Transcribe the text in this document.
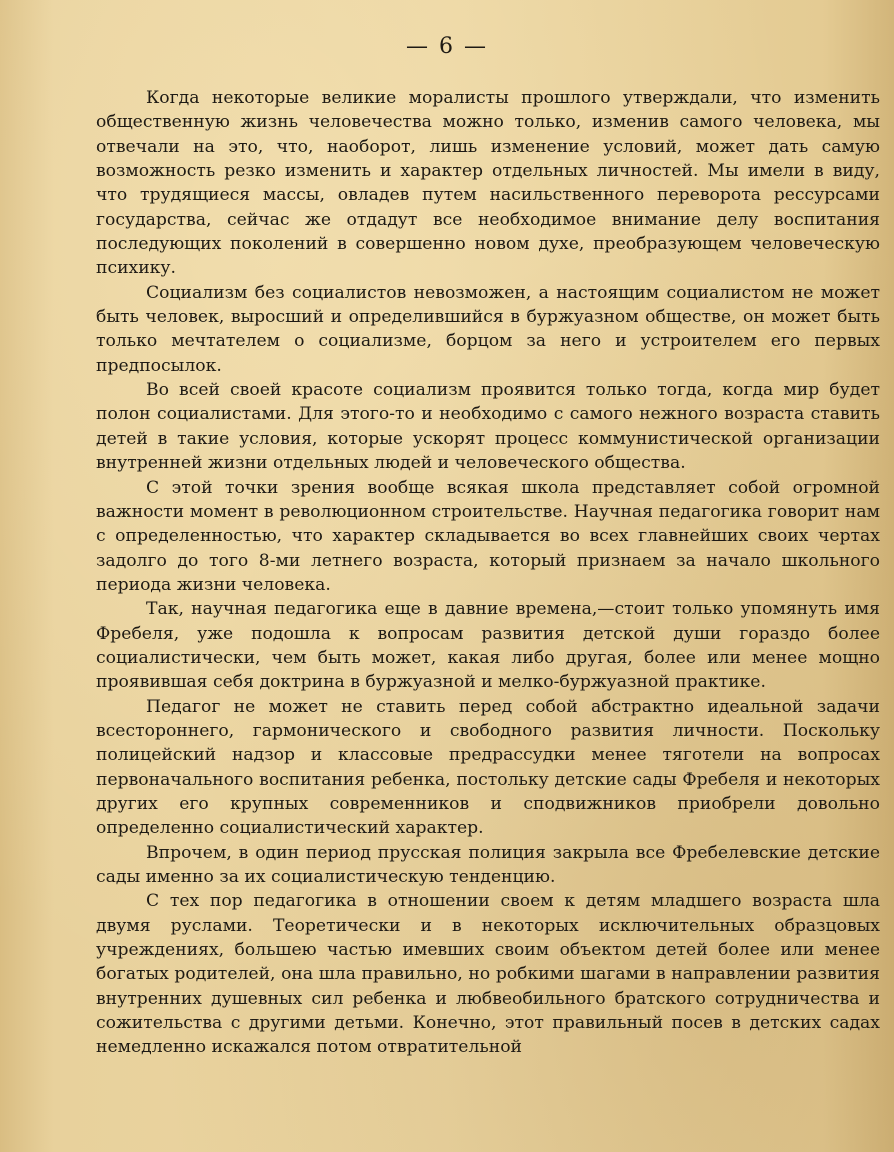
— 6 —

Когда некоторые великие моралисты прошлого утверждали, что изменить общественную жизнь человечества можно только, изменив самого человека, мы отвечали на это, что, наоборот, лишь изменение условий, может дать самую возможность резко изменить и характер отдельных личностей. Мы имели в виду, что трудящиеся массы, овладев путем насильственного переворота рессурсами государства, сейчас же отдадут все необходимое внимание делу воспитания последующих поколений в совершенно новом духе, преобразующем человеческую психику.

Социализм без социалистов невозможен, а настоящим социалистом не может быть человек, выросший и определившийся в буржуазном обществе, он может быть только мечтателем о социализме, борцом за него и устроителем его первых предпосылок.

Во всей своей красоте социализм проявится только тогда, когда мир будет полон социалистами. Для этого-то и необходимо с самого нежного возраста ставить детей в такие условия, которые ускорят процесс коммунистической организации внутренней жизни отдельных людей и человеческого общества.

С этой точки зрения вообще всякая школа представляет собой огромной важности момент в революционном строительстве. Научная педагогика говорит нам с определенностью, что характер складывается во всех главнейших своих чертах задолго до того 8-ми летнего возраста, который признаем за начало школьного периода жизни человека.

Так, научная педагогика еще в давние времена,—стоит только упомянуть имя Фребеля, уже подошла к вопросам развития детской души гораздо более социалистически, чем быть может, какая либо другая, более или менее мощно проявившая себя доктрина в буржуазной и мелко-буржуазной практике.

Педагог не может не ставить перед собой абстрактно идеальной задачи всестороннего, гармонического и свободного развития личности. Поскольку полицейский надзор и классовые предрассудки менее тяготели на вопросах первоначального воспитания ребенка, постольку детские сады Фребеля и некоторых других его крупных современников и сподвижников приобрели довольно определенно социалистический характер.

Впрочем, в один период прусская полиция закрыла все Фребелевские детские сады именно за их социалистическую тенденцию.

С тех пор педагогика в отношении своем к детям младшего возраста шла двумя руслами. Теоретически и в некоторых исключительных образцовых учреждениях, большею частью имевших своим объектом детей более или менее богатых родителей, она шла правильно, но робкими шагами в направлении развития внутренних душевных сил ребенка и любвеобильного братского сотрудничества и сожительства с другими детьми. Конечно, этот правильный посев в детских садах немедленно искажался потом отвратительной
